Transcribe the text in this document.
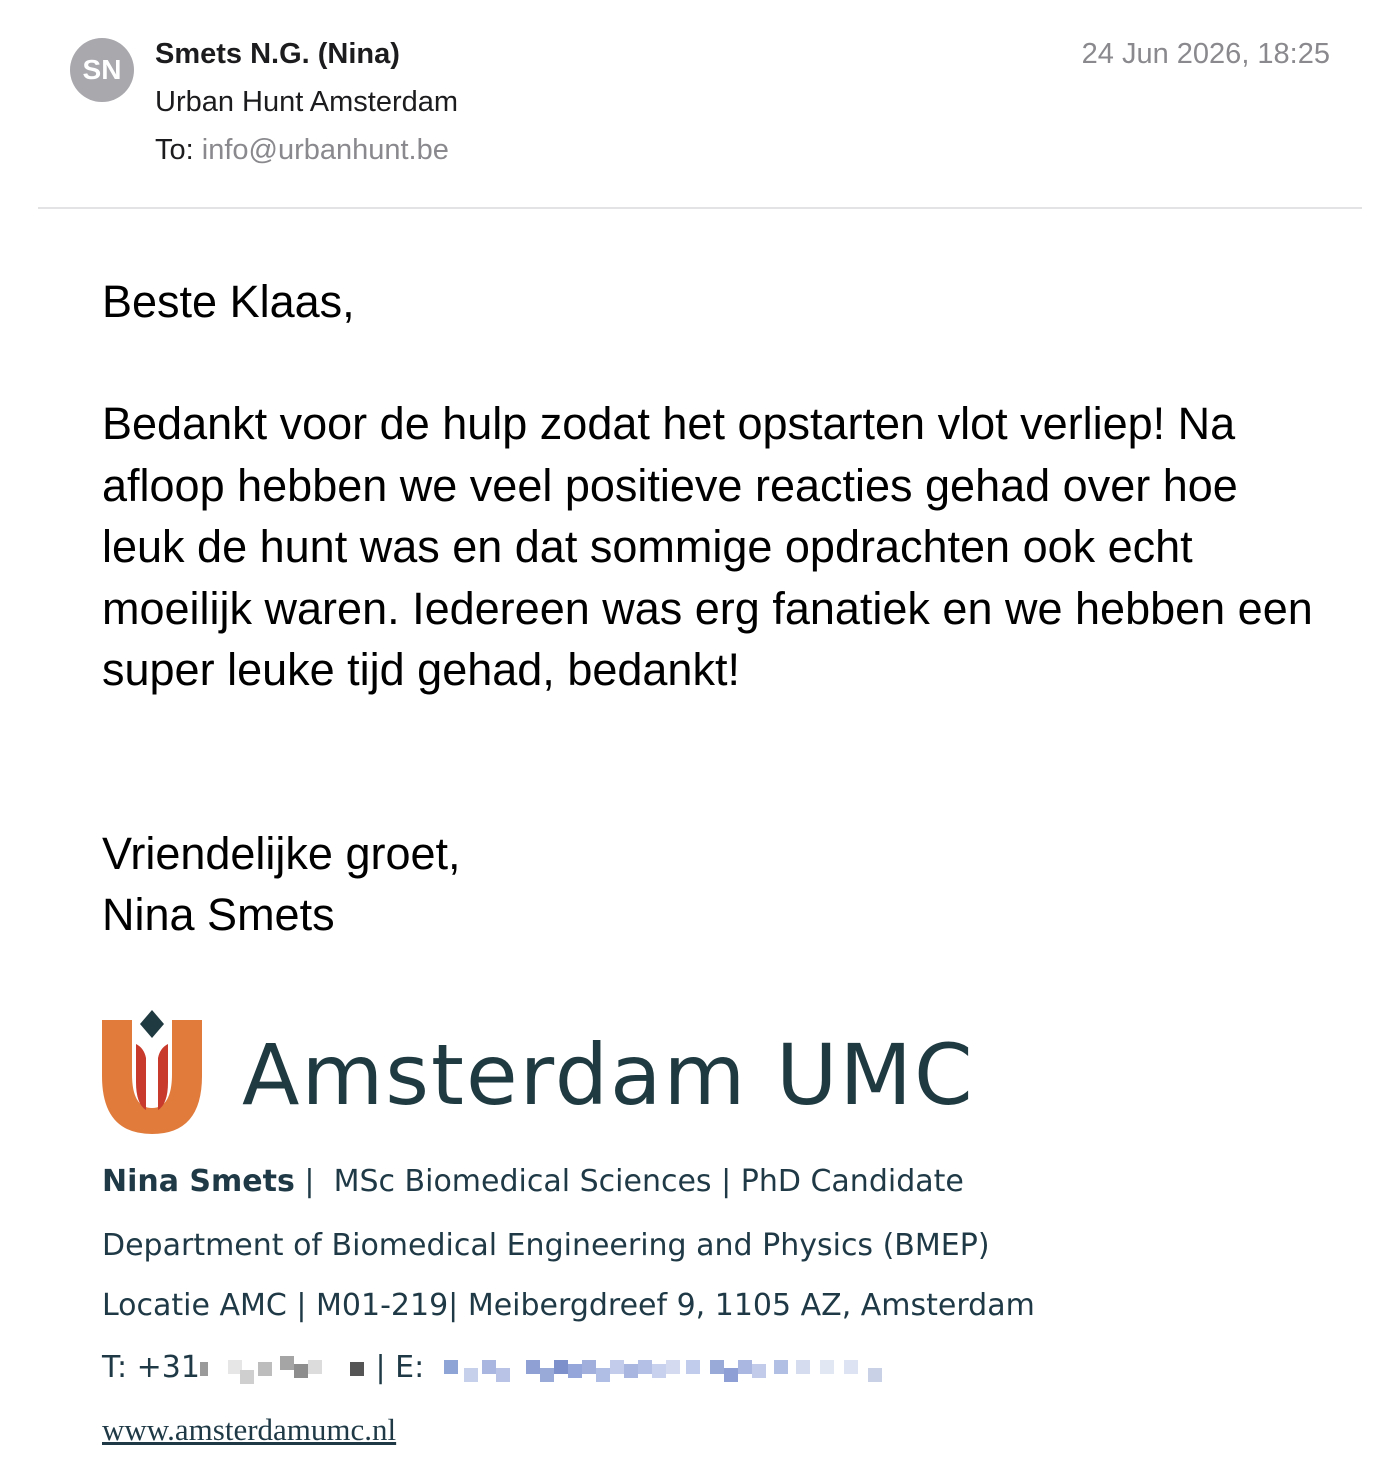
SN	Smets N.G. (Nina)
Urban Hunt Amsterdam
To: info@urbanhunt.be
24 Jun 2026, 18:25
Beste Klaas,
Bedankt voor de hulp zodat het opstarten vlot verliep! Na afloop hebben we veel positieve reacties gehad over hoe leuk de hunt was en dat sommige opdrachten ook echt moeilijk waren. Iedereen was erg fanatiek en we hebben een super leuke tijd gehad, bedankt!
Vriendelijke groet,
Nina Smets
Amsterdam UMC
Nina Smets |  MSc Biomedical Sciences | PhD Candidate
Department of Biomedical Engineering and Physics (BMEP)
Locatie AMC | M01-219| Meibergdreef 9, 1105 AZ, Amsterdam
T: +31	| E:
www.amsterdamumc.nl
